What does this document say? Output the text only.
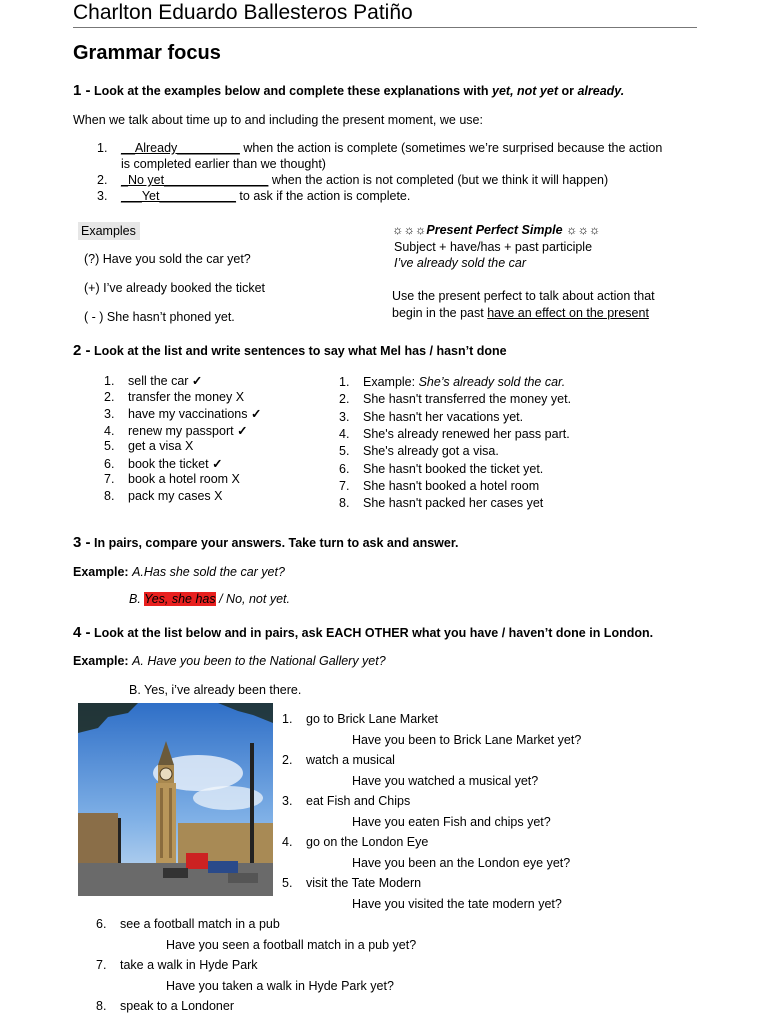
Charlton Eduardo Ballesteros Patiño
Grammar focus
1 - Look at the examples below and complete these explanations with yet, not yet or already.
When we talk about time up to and including the present moment, we use:
1. __Already_________ when the action is complete (sometimes we’re surprised because the action
is completed earlier than we thought)
2. _No yet_______________ when the action is not completed (but we think it will happen)
3. ___Yet___________ to ask if the action is complete.
Examples
(?) Have you sold the car yet?
(+) I’ve already booked the ticket
( - ) She hasn’t phoned yet.
☼☼☼Present Perfect Simple ☼☼☼
Subject + have/has + past participle
I’ve already sold the car
Use the present perfect to talk about action that
begin in the past have an effect on the present
2 - Look at the list and write sentences to say what Mel has / hasn’t done
1. sell the car ✓
2. transfer the money X
3. have my vaccinations ✓
4. renew my passport ✓
5. get a visa X
6. book the ticket ✓
7. book a hotel room X
8. pack my cases X
1. Example: She’s already sold the car.
2. She hasn't transferred the money yet.
3. She hasn't her vacations yet.
4. She's already renewed her pass part.
5. She's already got a visa.
6. She hasn't booked the ticket yet.
7. She hasn't booked a hotel room
8. She hasn't packed her cases yet
3 - In pairs, compare your answers. Take turn to ask and answer.
Example: A.Has she sold the car yet?
B. Yes, she has / No, not yet.
4 - Look at the list below and in pairs, ask EACH OTHER what you have / haven’t done in London.
Example: A. Have you been to the National Gallery yet?
B. Yes, i’ve already been there.
1. go to Brick Lane Market
Have you been to Brick Lane Market yet?
2. watch a musical
Have you watched a musical yet?
3. eat Fish and Chips
Have you eaten Fish and chips yet?
4. go on the London Eye
Have you been an the London eye yet?
5. visit the Tate Modern
Have you visited the tate modern yet?
6. see a football match in a pub
Have you seen a football match in a pub yet?
7. take a walk in Hyde Park
Have you taken a walk in Hyde Park yet?
8. speak to a Londoner
